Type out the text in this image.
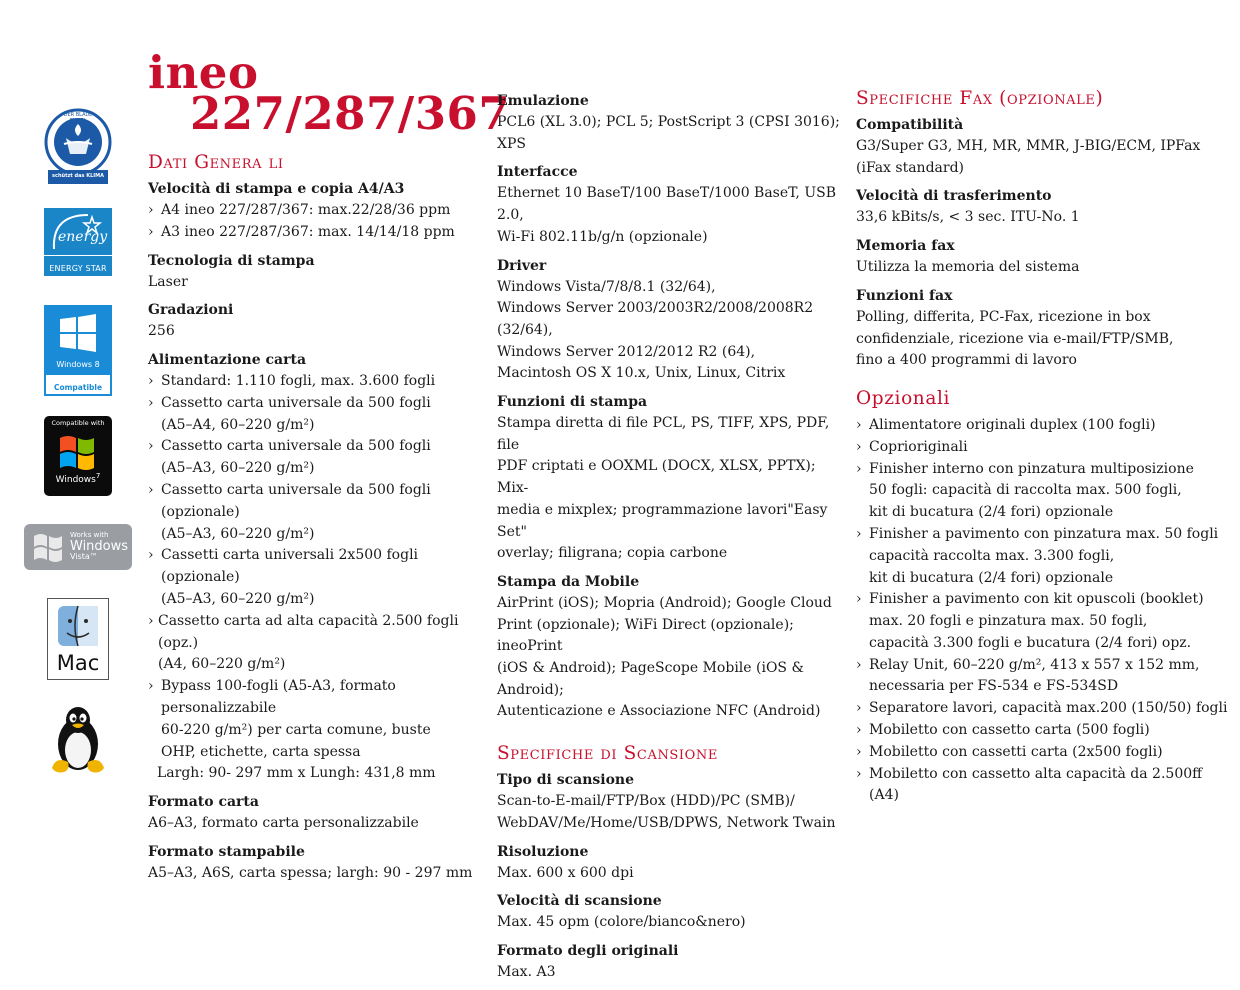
DER BLAUE ENGEL
schützt das KLIMA
energy
ENERGY STAR
Windows 8
Compatible
Compatible with
Windows$^7$
Works with
Windows
Vista™
Mac
ineo
227/287/367
Dati Genera li
Velocità di stampa e copia A4/A3
› A4 ineo 227/287/367: max.22/28/36 ppm
› A3 ineo 227/287/367: max. 14/14/18 ppm
Tecnologia di stampa
Laser
Gradazioni
256
Alimentazione carta
› Standard: 1.110 fogli, max. 3.600 fogli
› Cassetto carta universale da 500 fogli
(A5–A4, 60–220 g/m²)
› Cassetto carta universale da 500 fogli
(A5–A3, 60–220 g/m²)
› Cassetto carta universale da 500 fogli (opzionale)
(A5–A3, 60–220 g/m²)
› Cassetti carta universali 2x500 fogli (opzionale)
(A5–A3, 60–220 g/m²)
› Cassetto carta ad alta capacità 2.500 fogli (opz.)
(A4, 60–220 g/m²)
› Bypass 100-fogli (A5-A3, formato personalizzabile
60-220 g/m²) per carta comune, buste
OHP, etichette, carta spessa
Largh: 90- 297 mm x Lungh: 431,8 mm
Formato carta
A6–A3, formato carta personalizzabile
Formato stampabile
A5–A3, A6S, carta spessa; largh: 90 - 297 mm
Emulazione
PCL6 (XL 3.0); PCL 5; PostScript 3 (CPSI 3016); XPS
Interfacce
Ethernet 10 BaseT/100 BaseT/1000 BaseT, USB 2.0,
Wi-Fi 802.11b/g/n (opzionale)
Driver
Windows Vista/7/8/8.1 (32/64),
Windows Server 2003/2003R2/2008/2008R2 (32/64),
Windows Server 2012/2012 R2 (64),
Macintosh OS X 10.x, Unix, Linux, Citrix
Funzioni di stampa
Stampa diretta di file PCL, PS, TIFF, XPS, PDF, file
PDF criptati e OOXML (DOCX, XLSX, PPTX); Mix-
media e mixplex; programmazione lavori"Easy Set"
overlay; filigrana; copia carbone
Stampa da Mobile
AirPrint (iOS); Mopria (Android); Google Cloud
Print (opzionale); WiFi Direct (opzionale); ineoPrint
(iOS & Android); PageScope Mobile (iOS & Android);
Autenticazione e Associazione NFC (Android)
Specifiche di Scansione
Tipo di scansione
Scan-to-E-mail/FTP/Box (HDD)/PC (SMB)/
WebDAV/Me/Home/USB/DPWS, Network Twain
Risoluzione
Max. 600 x 600 dpi
Velocità di scansione
Max. 45 opm (colore/bianco&nero)
Formato degli originali
Max. A3
Specifiche Fax (opzionale)
Compatibilità
G3/Super G3, MH, MR, MMR, J-BIG/ECM, IPFax
(iFax standard)
Velocità di trasferimento
33,6 kBits/s, < 3 sec. ITU-No. 1
Memoria fax
Utilizza la memoria del sistema
Funzioni fax
Polling, differita, PC-Fax, ricezione in box
confidenziale, ricezione via e-mail/FTP/SMB,
fino a 400 programmi di lavoro
Opzionali
› Alimentatore originali duplex (100 fogli)
› Coprioriginali
› Finisher interno con pinzatura multiposizione
50 fogli: capacità di raccolta max. 500 fogli,
kit di bucatura (2/4 fori) opzionale
› Finisher a pavimento con pinzatura max. 50 fogli
capacità raccolta max. 3.300 fogli,
kit di bucatura (2/4 fori) opzionale
› Finisher a pavimento con kit opuscoli (booklet)
max. 20 fogli e pinzatura max. 50 fogli,
capacità 3.300 fogli e bucatura (2/4 fori) opz.
› Relay Unit, 60–220 g/m², 413 x 557 x 152 mm,
necessaria per FS-534 e FS-534SD
› Separatore lavori, capacità max.200 (150/50) fogli
› Mobiletto con cassetto carta (500 fogli)
› Mobiletto con cassetti carta (2x500 fogli)
› Mobiletto con cassetto alta capacità da 2.500ff (A4)
